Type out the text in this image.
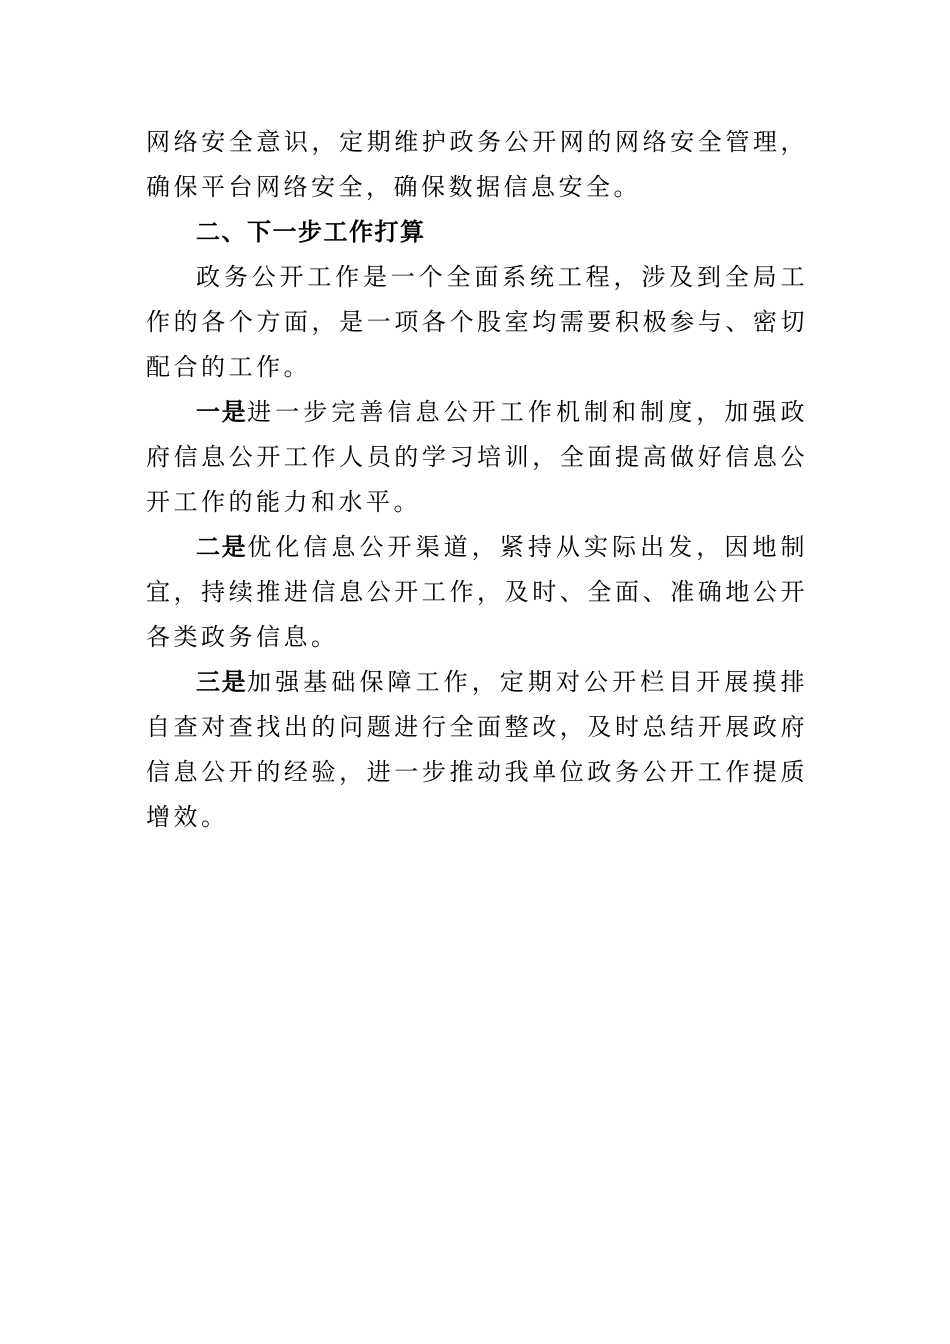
网络安全意识，定期维护政务公开网的网络安全管理，确保平台网络安全，确保数据信息安全。

二、下一步工作打算

政务公开工作是一个全面系统工程，涉及到全局工作的各个方面，是一项各个股室均需要积极参与、密切配合的工作。

一是进一步完善信息公开工作机制和制度，加强政府信息公开工作人员的学习培训，全面提高做好信息公开工作的能力和水平。

二是优化信息公开渠道，紧持从实际出发，因地制宜，持续推进信息公开工作，及时、全面、准确地公开各类政务信息。

三是加强基础保障工作，定期对公开栏目开展摸排自查对查找出的问题进行全面整改，及时总结开展政府信息公开的经验，进一步推动我单位政务公开工作提质增效。
